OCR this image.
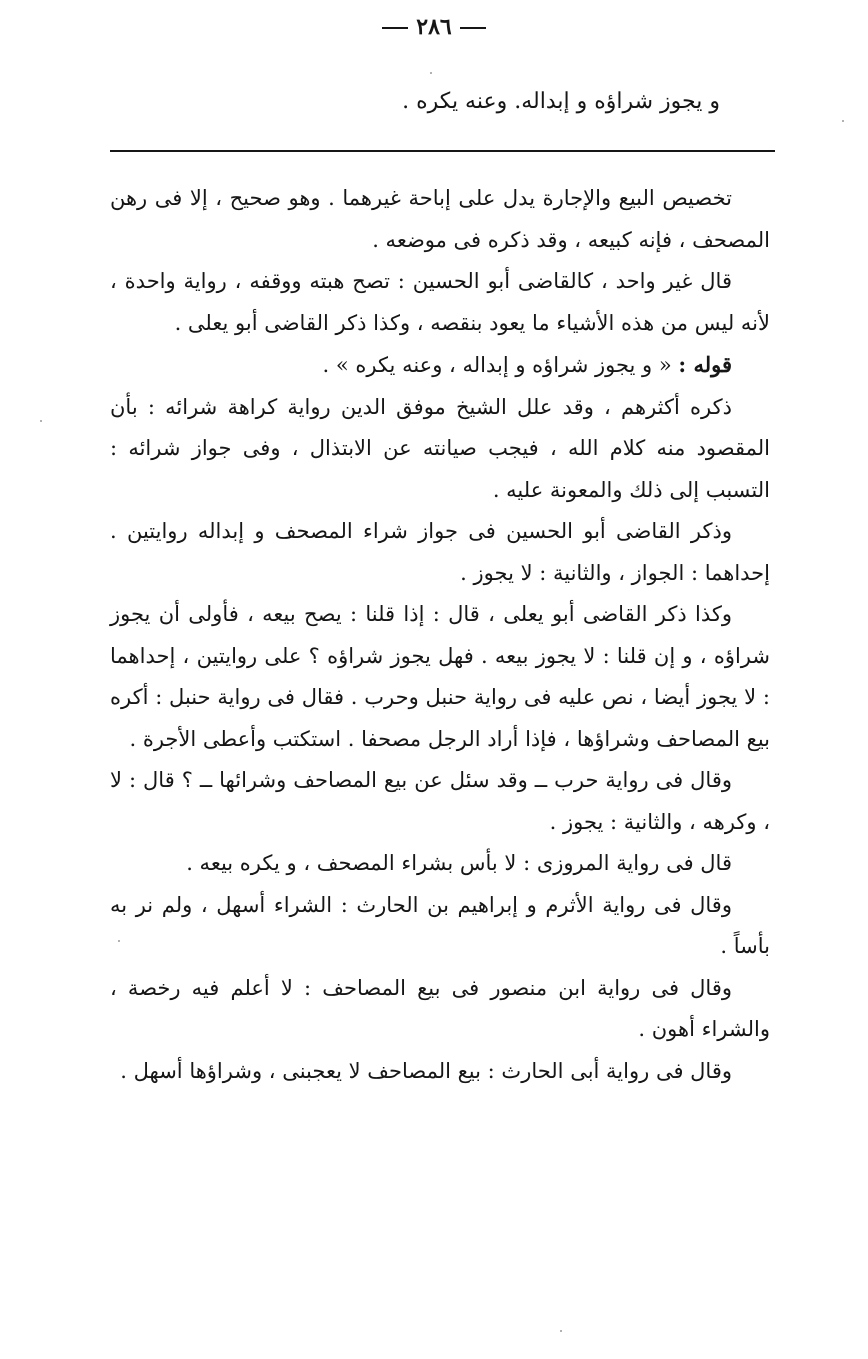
٢٨٦
و يجوز شراؤه و إبداله. وعنه يكره .

تخصيص البيع والإجارة يدل على إباحة غيرهما . وهو صحيح ، إلا فى رهن المصحف ، فإنه كبيعه ، وقد ذكره فى موضعه .

قال غير واحد ، كالقاضى أبو الحسين : تصح هبته ووقفه ، رواية واحدة ، لأنه ليس من هذه الأشياء ما يعود بنقصه ، وكذا ذكر القاضى أبو يعلى .

قوله : « و يجوز شراؤه و إبداله ، وعنه يكره » .

ذكره أكثرهم ، وقد علل الشيخ موفق الدين رواية كراهة شرائه : بأن المقصود منه كلام الله ، فيجب صيانته عن الابتذال ، وفى جواز شرائه : التسبب إلى ذلك والمعونة عليه .

وذكر القاضى أبو الحسين فى جواز شراء المصحف و إبداله روايتين . إحداهما : الجواز ، والثانية : لا يجوز .

وكذا ذكر القاضى أبو يعلى ، قال : إذا قلنا : يصح بيعه ، فأولى أن يجوز شراؤه ، و إن قلنا : لا يجوز بيعه . فهل يجوز شراؤه ؟ على روايتين ، إحداهما : لا يجوز أيضا ، نص عليه فى رواية حنبل وحرب . فقال فى رواية حنبل : أكره بيع المصاحف وشراؤها ، فإذا أراد الرجل مصحفا . استكتب وأعطى الأجرة .

وقال فى رواية حرب ــ وقد سئل عن بيع المصاحف وشرائها ــ ؟ قال : لا ، وكرهه ، والثانية : يجوز .

قال فى رواية المروزى : لا بأس بشراء المصحف ، و يكره بيعه .

وقال فى رواية الأثرم و إبراهيم بن الحارث : الشراء أسهل ، ولم نر به بأساً .

وقال فى رواية ابن منصور فى بيع المصاحف : لا أعلم فيه رخصة ، والشراء أهون .

وقال فى رواية أبى الحارث : بيع المصاحف لا يعجبنى ، وشراؤها أسهل .
